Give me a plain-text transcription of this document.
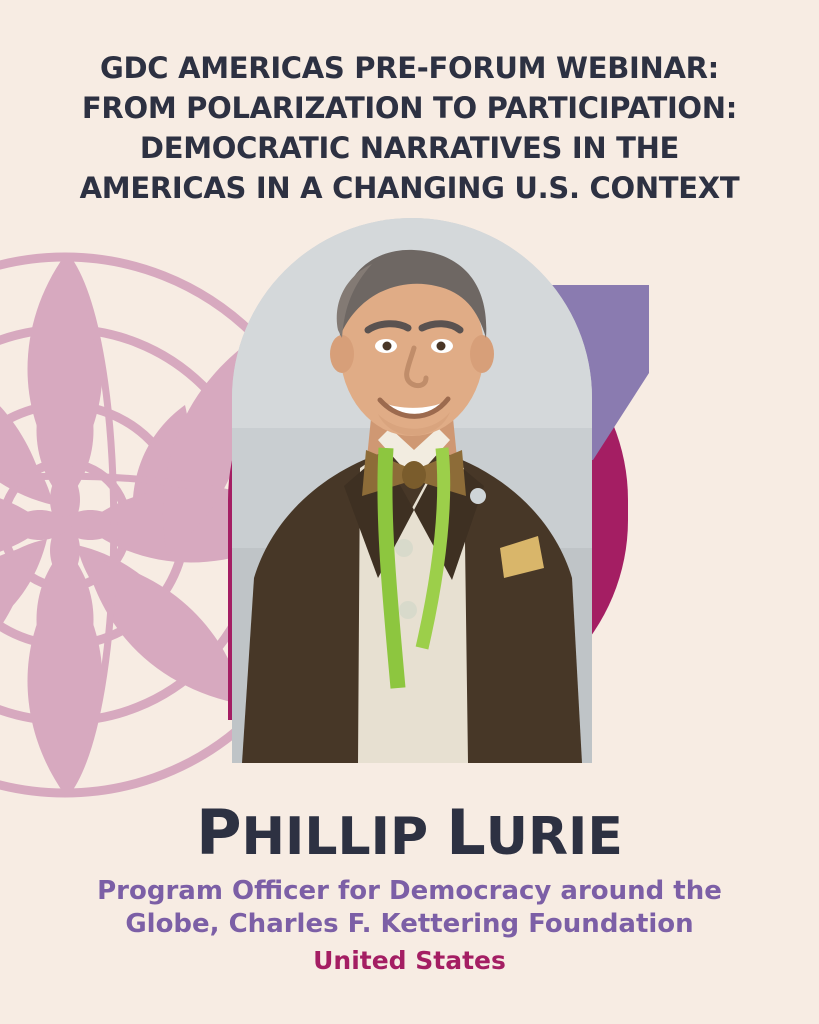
GDC AMERICAS PRE-FORUM WEBINAR:
FROM POLARIZATION TO PARTICIPATION:
DEMOCRATIC NARRATIVES IN THE
AMERICAS IN A CHANGING U.S. CONTEXT
PHILLIP LURIE
Program Officer for Democracy around the Globe, Charles F. Kettering Foundation
United States
